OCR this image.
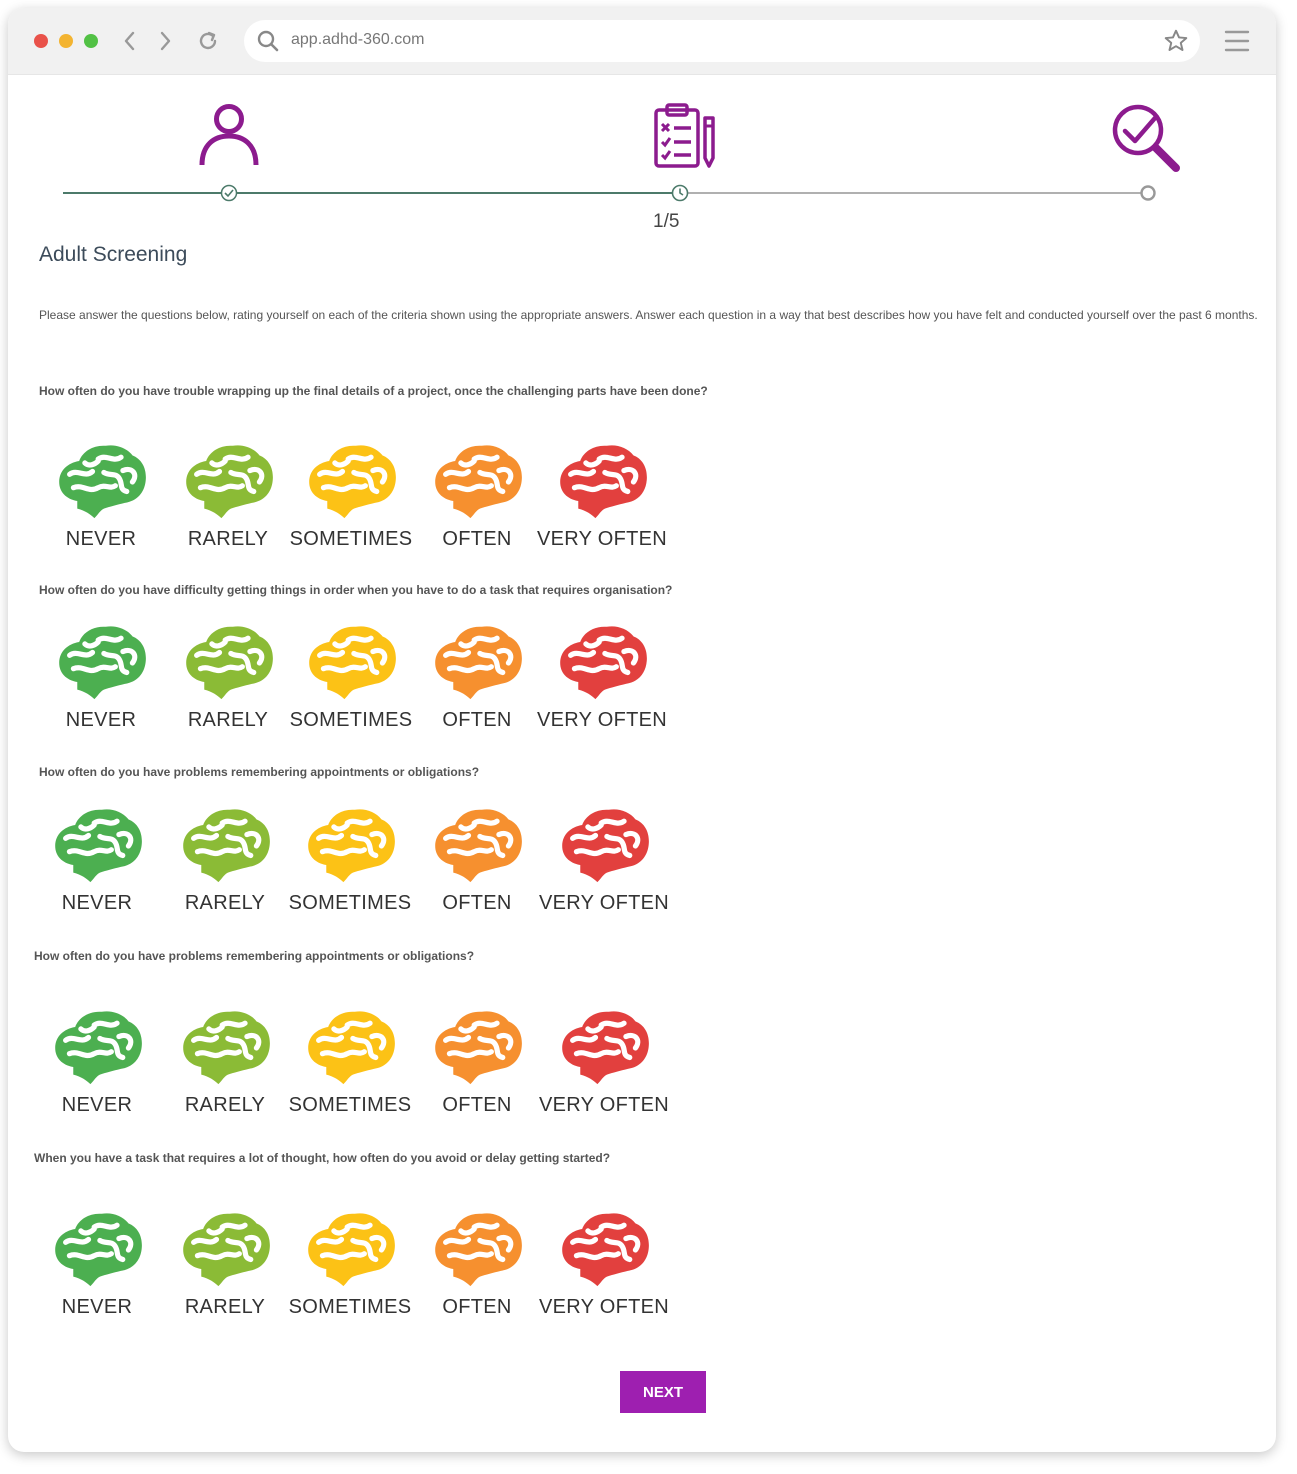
app.adhd-360.com
1/5
Adult Screening

Please answer the questions below, rating yourself on each of the criteria shown using the appropriate answers. Answer each question in a way that best describes how you have felt and conducted yourself over the past 6 months.

How often do you have trouble wrapping up the final details of a project, once the challenging parts have been done?

NEVER	RARELY	SOMETIMES	OFTEN	VERY OFTEN

How often do you have difficulty getting things in order when you have to do a task that requires organisation?

NEVER	RARELY	SOMETIMES	OFTEN	VERY OFTEN

How often do you have problems remembering appointments or obligations?

NEVER	RARELY	SOMETIMES	OFTEN	VERY OFTEN

How often do you have problems remembering appointments or obligations?

NEVER	RARELY	SOMETIMES	OFTEN	VERY OFTEN

When you have a task that requires a lot of thought, how often do you avoid or delay getting started?

NEVER	RARELY	SOMETIMES	OFTEN	VERY OFTEN
NEXT
